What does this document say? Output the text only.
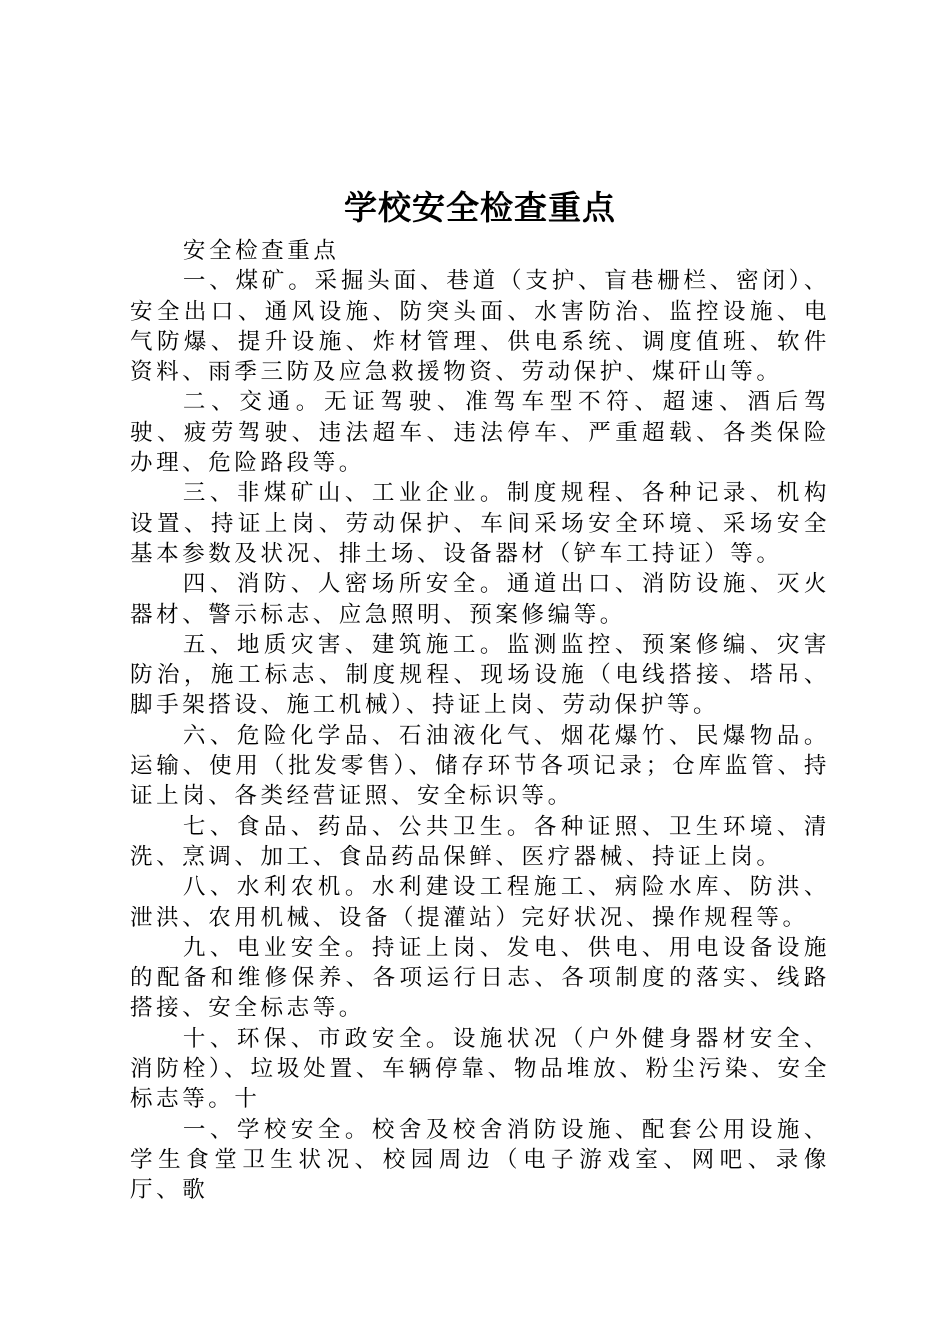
学校安全检查重点

安全检查重点

一、煤矿。采掘头面、巷道（支护、盲巷栅栏、密闭）、安全出口、通风设施、防突头面、水害防治、监控设施、电气防爆、提升设施、炸材管理、供电系统、调度值班、软件资料、雨季三防及应急救援物资、劳动保护、煤矸山等。

二、交通。无证驾驶、准驾车型不符、超速、酒后驾驶、疲劳驾驶、违法超车、违法停车、严重超载、各类保险办理、危险路段等。

三、非煤矿山、工业企业。制度规程、各种记录、机构设置、持证上岗、劳动保护、车间采场安全环境、采场安全基本参数及状况、排土场、设备器材（铲车工持证）等。

四、消防、人密场所安全。通道出口、消防设施、灭火器材、警示标志、应急照明、预案修编等。

五、地质灾害、建筑施工。监测监控、预案修编、灾害防治，施工标志、制度规程、现场设施（电线搭接、塔吊、脚手架搭设、施工机械）、持证上岗、劳动保护等。

六、危险化学品、石油液化气、烟花爆竹、民爆物品。运输、使用（批发零售）、储存环节各项记录；仓库监管、持证上岗、各类经营证照、安全标识等。

七、食品、药品、公共卫生。各种证照、卫生环境、清洗、烹调、加工、食品药品保鲜、医疗器械、持证上岗。

八、水利农机。水利建设工程施工、病险水库、防洪、泄洪、农用机械、设备（提灌站）完好状况、操作规程等。

九、电业安全。持证上岗、发电、供电、用电设备设施的配备和维修保养、各项运行日志、各项制度的落实、线路搭接、安全标志等。

十、环保、市政安全。设施状况（户外健身器材安全、消防栓）、垃圾处置、车辆停靠、物品堆放、粉尘污染、安全标志等。十

一、学校安全。校舍及校舍消防设施、配套公用设施、学生食堂卫生状况、校园周边（电子游戏室、网吧、录像厅、歌
